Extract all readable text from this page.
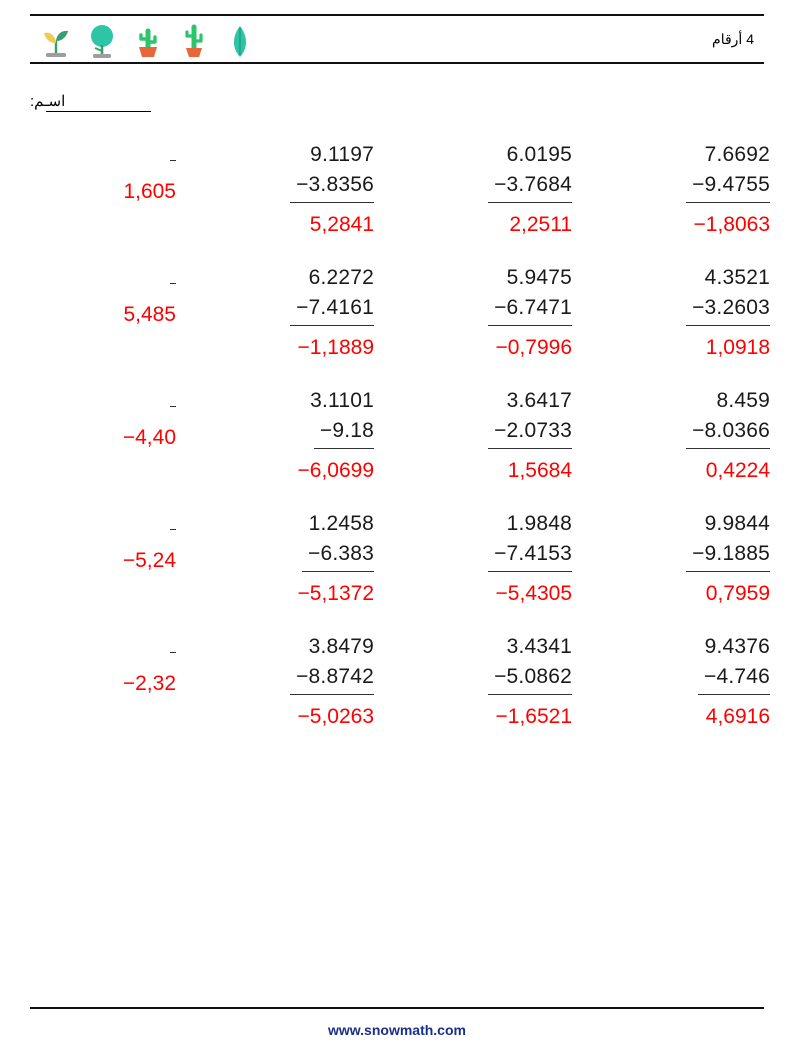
4 أرقام
اسـم:
1,605
9.1197
−3.8356
5,2841
6.0195
−3.7684
2,2511
7.6692
−9.4755
−1,8063
5,485
6.2272
−7.4161
−1,1889
5.9475
−6.7471
−0,7996
4.3521
−3.2603
1,0918
−4,40
3.1101
−9.18
−6,0699
3.6417
−2.0733
1,5684
8.459
−8.0366
0,4224
−5,24
1.2458
−6.383
−5,1372
1.9848
−7.4153
−5,4305
9.9844
−9.1885
0,7959
−2,32
3.8479
−8.8742
−5,0263
3.4341
−5.0862
−1,6521
9.4376
−4.746
4,6916
www.snowmath.com
